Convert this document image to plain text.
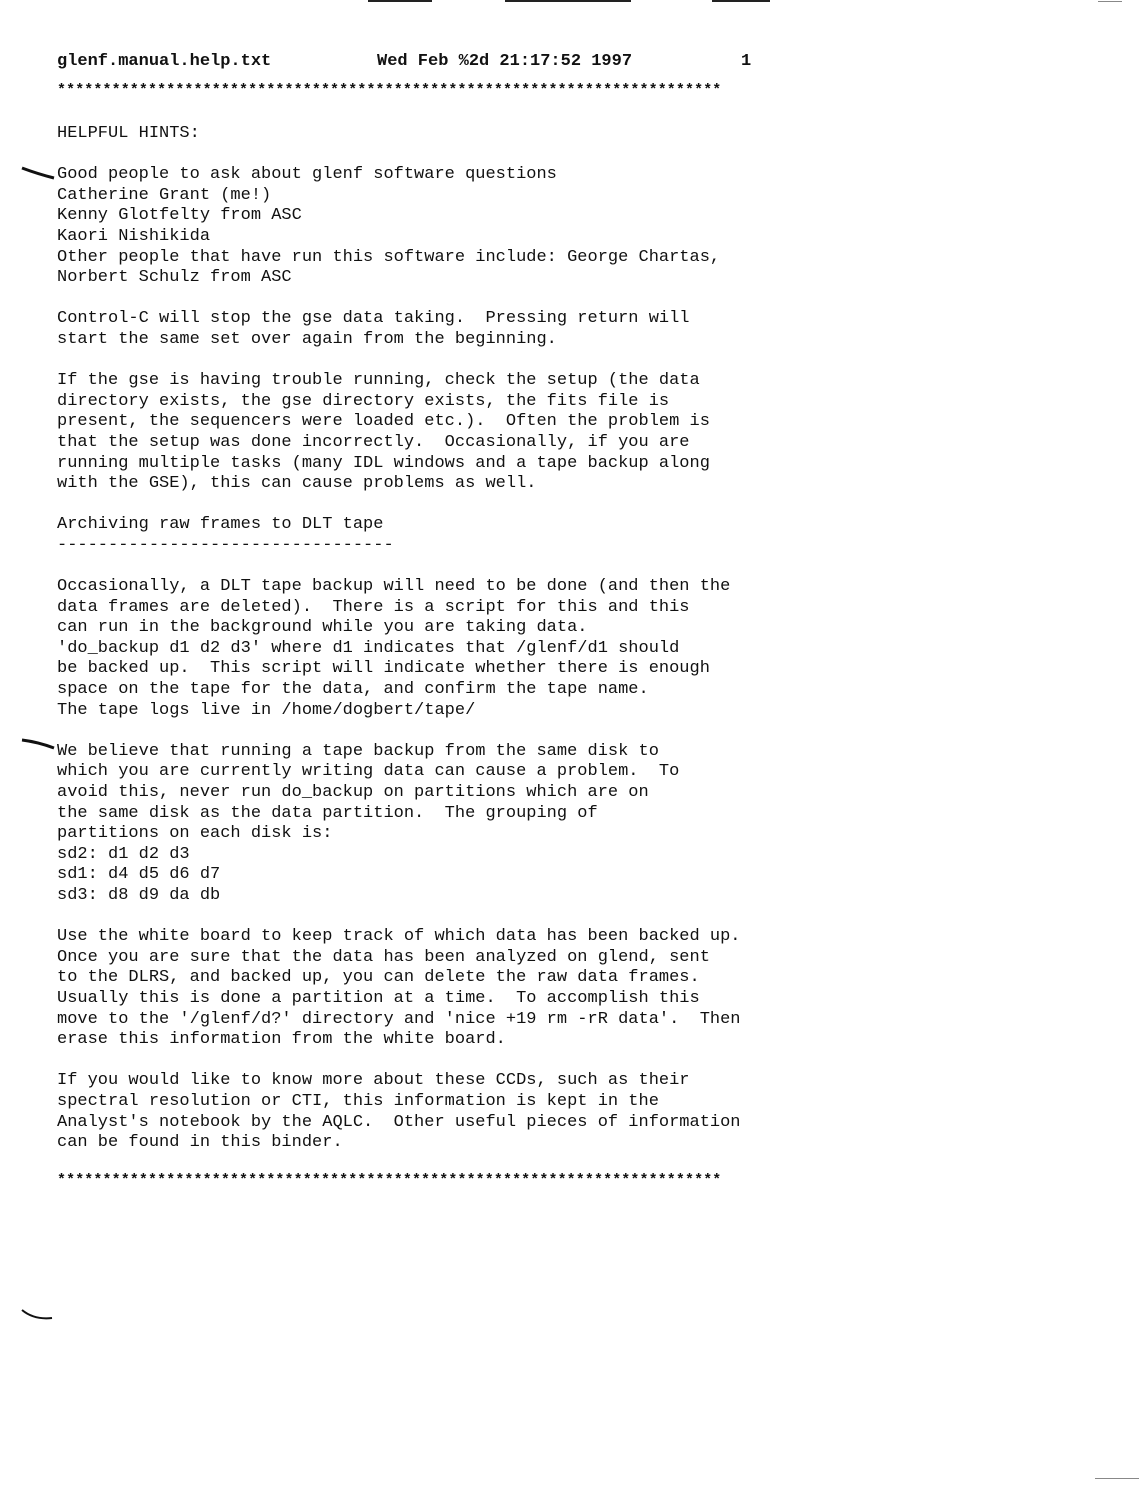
glenf.manual.help.txt

	Wed Feb %2d 21:17:52 1997

	1

*************************************************************************
HELPFUL HINTS:
Good people to ask about glenf software questions
Catherine Grant (me!)
Kenny Glotfelty from ASC
Kaori Nishikida
Other people that have run this software include: George Chartas,
Norbert Schulz from ASC
Control-C will stop the gse data taking.  Pressing return will
start the same set over again from the beginning.
If the gse is having trouble running, check the setup (the data
directory exists, the gse directory exists, the fits file is
present, the sequencers were loaded etc.).  Often the problem is
that the setup was done incorrectly.  Occasionally, if you are
running multiple tasks (many IDL windows and a tape backup along
with the GSE), this can cause problems as well.
Archiving raw frames to DLT tape
---------------------------------
Occasionally, a DLT tape backup will need to be done (and then the
data frames are deleted).  There is a script for this and this
can run in the background while you are taking data.
'do_backup d1 d2 d3' where d1 indicates that /glenf/d1 should
be backed up.  This script will indicate whether there is enough
space on the tape for the data, and confirm the tape name.
The tape logs live in /home/dogbert/tape/
We believe that running a tape backup from the same disk to
which you are currently writing data can cause a problem.  To
avoid this, never run do_backup on partitions which are on
the same disk as the data partition.  The grouping of
partitions on each disk is:
sd2: d1 d2 d3
sd1: d4 d5 d6 d7
sd3: d8 d9 da db
Use the white board to keep track of which data has been backed up.
Once you are sure that the data has been analyzed on glend, sent
to the DLRS, and backed up, you can delete the raw data frames.
Usually this is done a partition at a time.  To accomplish this
move to the '/glenf/d?' directory and 'nice +19 rm -rR data'.  Then
erase this information from the white board.
If you would like to know more about these CCDs, such as their
spectral resolution or CTI, this information is kept in the
Analyst's notebook by the AQLC.  Other useful pieces of information
can be found in this binder.
*************************************************************************
